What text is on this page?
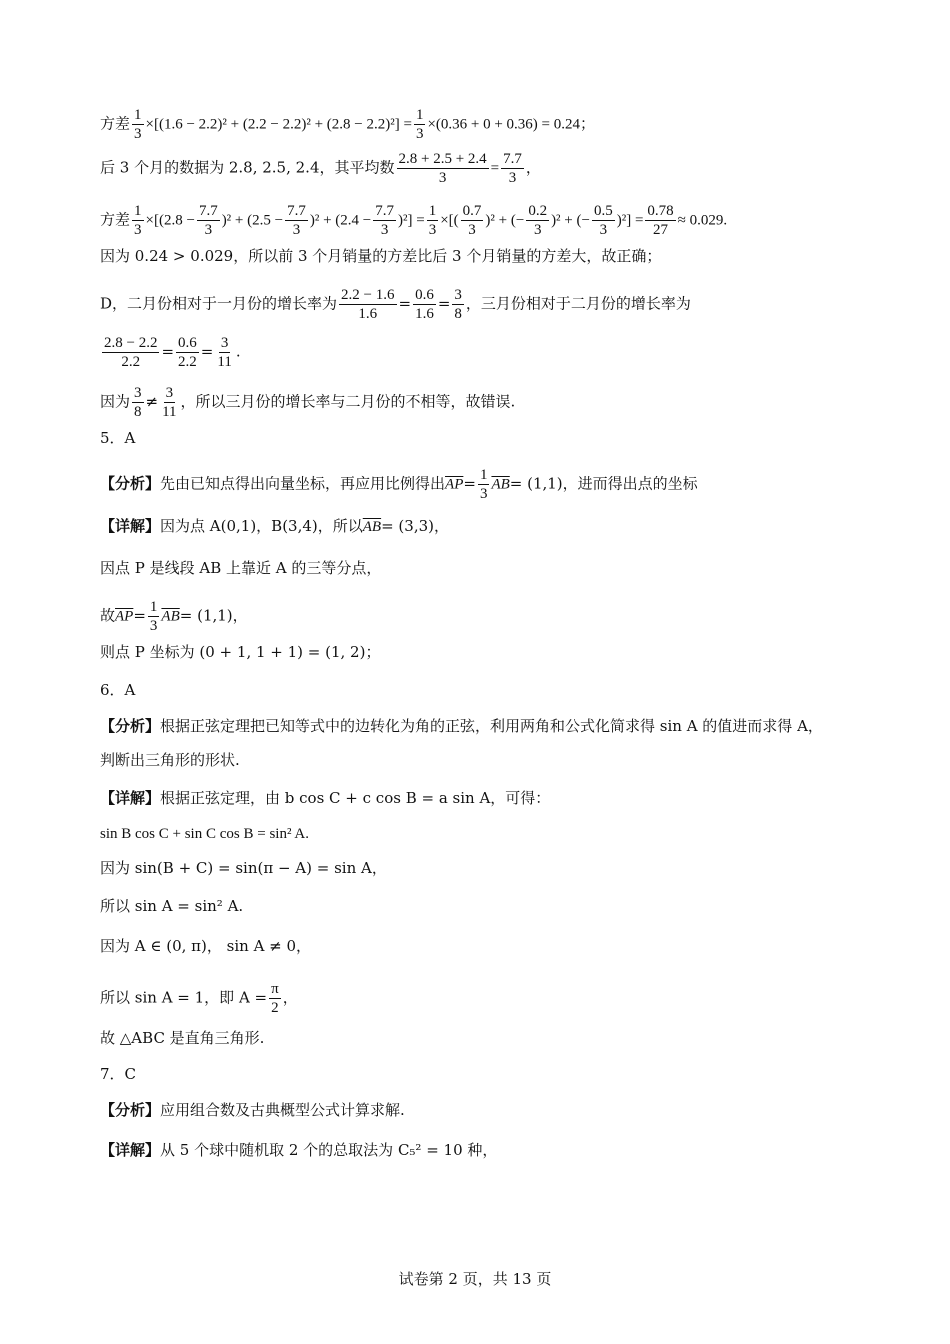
方差 $\frac{1}{3} \times[(1.6 - 2.2)^2 + (2.2 - 2.2)^2 + (2.8 - 2.2)^2] = \frac{1}{3} \times(0.36 + 0 + 0.36) = 0.24$；
后 3 个月的数据为 2.8, 2.5, 2.4，其平均数 $\frac{2.8 + 2.5 + 2.4}{3} = \frac{7.7}{3}$ ，
方差 $\frac{1}{3} \times[(2.8 - \frac{7.7}{3} )^2 + (2.5 - \frac{7.7}{3} )^2 + (2.4 - \frac{7.7}{3} )^2] = \frac{1}{3}$ ×[( $\frac{0.7}{3} )^2$ + (− $\frac{0.2}{3} )^2$ + (− $\frac{0.5}{3} )^2] = \frac{0.78}{27} \approx 0.029$.
因为 0.24 > 0.029，所以前 3 个月销量的方差比后 3 个月销量的方差大，故正确；
D，二月份相对于一月份的增长率为 $\frac{2.2 - 1.6}{1.6} = \frac{0.6}{1.6} = \frac{3}{8}$ ，三月份相对于二月份的增长率为
$\frac{2.8 - 2.2}{2.2} = \frac{0.6}{2.2} = \frac{3}{11}$ .
因为 $\frac{3}{8} \ne \frac{3}{11}$ ，所以三月份的增长率与二月份的不相等，故错误.
5．A
【分析】先由已知点得出向量坐标，再应用比例得出$\overline{AP}= \frac{1}{3} \overline{AB}= (1,1)$，进而得出点的坐标
【详解】因为点 A(0,1)，B(3,4)，所以$\overline{AB}= (3,3)$，
因点 P 是线段 AB 上靠近 A 的三等分点，
故$\overline{AP}= \frac{1}{3} \overline{AB}= (1,1)$，
则点 P 坐标为 (0 + 1, 1 + 1) = (1, 2)；
6．A
【分析】根据正弦定理把已知等式中的边转化为角的正弦，利用两角和公式化简求得 sin A 的值进而求得 A，
判断出三角形的形状.
【详解】根据正弦定理，由 b cos C + c cos B = a sin A，可得：
sin B cos C + sin C cos B = sin² A.
因为 sin(B + C) = sin(π − A) = sin A，
所以 sin A = sin² A.
因为 A ∈ (0, π)， sin A ≠ 0，
所以 sin A = 1，即 $A = \frac{\pi}{2}$ ，
故 △ABC 是直角三角形.
7．C
【分析】应用组合数及古典概型公式计算求解.
【详解】从 5 个球中随机取 2 个的总取法为 C₅² = 10 种，
试卷第 2 页，共 13 页
